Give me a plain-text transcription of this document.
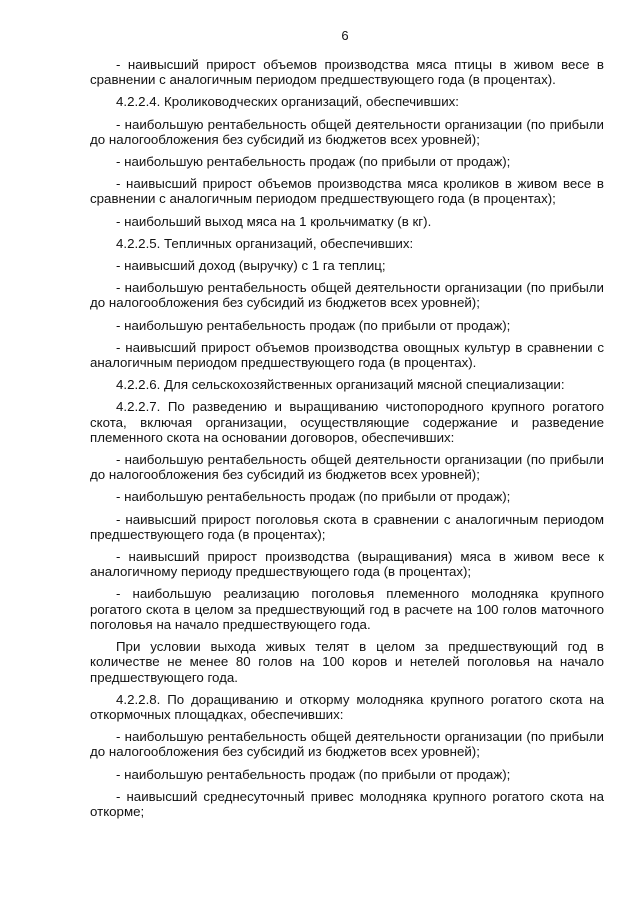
6

- наивысший прирост объемов производства мяса птицы в живом весе в сравнении с аналогичным периодом предшествующего года (в процентах).

4.2.2.4. Кролиководческих организаций, обеспечивших:

- наибольшую рентабельность общей деятельности организации (по прибыли до налогообложения без субсидий из бюджетов всех уровней);

- наибольшую рентабельность продаж (по прибыли от продаж);

- наивысший прирост объемов производства мяса кроликов в живом весе в сравнении с аналогичным периодом предшествующего года (в процентах);

- наибольший выход мяса на 1 крольчиматку (в кг).

4.2.2.5. Тепличных организаций, обеспечивших:

- наивысший доход (выручку) с 1 га теплиц;

- наибольшую рентабельность общей деятельности организации (по прибыли до налогообложения без субсидий из бюджетов всех уровней);

- наибольшую рентабельность продаж (по прибыли от продаж);

- наивысший прирост объемов производства овощных культур в сравнении с аналогичным периодом предшествующего года (в процентах).

4.2.2.6. Для сельскохозяйственных организаций мясной специализации:

4.2.2.7. По разведению и выращиванию чистопородного крупного рогатого скота, включая организации, осуществляющие содержание и разведение племенного скота на основании договоров, обеспечивших:

- наибольшую рентабельность общей деятельности организации (по прибыли до налогообложения без субсидий из бюджетов всех уровней);

- наибольшую рентабельность продаж (по прибыли от продаж);

- наивысший прирост поголовья скота в сравнении с аналогичным периодом предшествующего года (в процентах);

- наивысший прирост производства (выращивания) мяса в живом весе к аналогичному периоду предшествующего года (в процентах);

- наибольшую реализацию поголовья племенного молодняка крупного рогатого скота в целом за предшествующий год в расчете на 100 голов маточного поголовья на начало предшествующего года.

При условии выхода живых телят в целом за предшествующий год в количестве не менее 80 голов на 100 коров и нетелей поголовья на начало предшествующего года.

4.2.2.8. По доращиванию и откорму молодняка крупного рогатого скота на откормочных площадках, обеспечивших:

- наибольшую рентабельность общей деятельности организации (по прибыли до налогообложения без субсидий из бюджетов всех уровней);

- наибольшую рентабельность продаж (по прибыли от продаж);

- наивысший среднесуточный привес молодняка крупного рогатого скота на откорме;
